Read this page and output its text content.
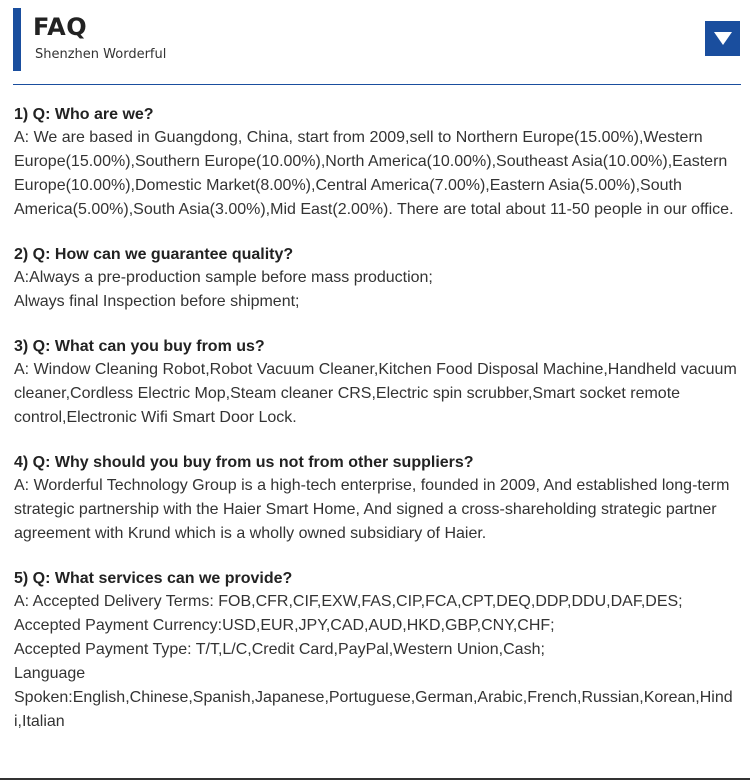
FAQ
Shenzhen Worderful
1) Q: Who are we?
A: We are based in Guangdong, China, start from 2009,sell to Northern Europe(15.00%),Western Europe(15.00%),Southern Europe(10.00%),North America(10.00%),Southeast Asia(10.00%),Eastern Europe(10.00%),Domestic Market(8.00%),Central America(7.00%),Eastern Asia(5.00%),South America(5.00%),South Asia(3.00%),Mid East(2.00%). There are total about 11-50 people in our office.
2) Q: How can we guarantee quality?
A:Always a pre-production sample before mass production;
Always final Inspection before shipment;
3) Q: What can you buy from us?
A: Window Cleaning Robot,Robot Vacuum Cleaner,Kitchen Food Disposal Machine,Handheld vacuum cleaner,Cordless Electric Mop,Steam cleaner CRS,Electric spin scrubber,Smart socket remote control,Electronic Wifi Smart Door Lock.
4) Q: Why should you buy from us not from other suppliers?
A: Worderful Technology Group is a high-tech enterprise, founded in 2009, And established long-term strategic partnership with the Haier Smart Home, And signed a cross-shareholding strategic partner agreement with Krund which is a wholly owned subsidiary of Haier.
5) Q: What services can we provide?
A: Accepted Delivery Terms: FOB,CFR,CIF,EXW,FAS,CIP,FCA,CPT,DEQ,DDP,DDU,DAF,DES;
Accepted Payment Currency:USD,EUR,JPY,CAD,AUD,HKD,GBP,CNY,CHF;
Accepted Payment Type: T/T,L/C,Credit Card,PayPal,Western Union,Cash;
Language
Spoken:English,Chinese,Spanish,Japanese,Portuguese,German,Arabic,French,Russian,Korean,Hindi,Italian
